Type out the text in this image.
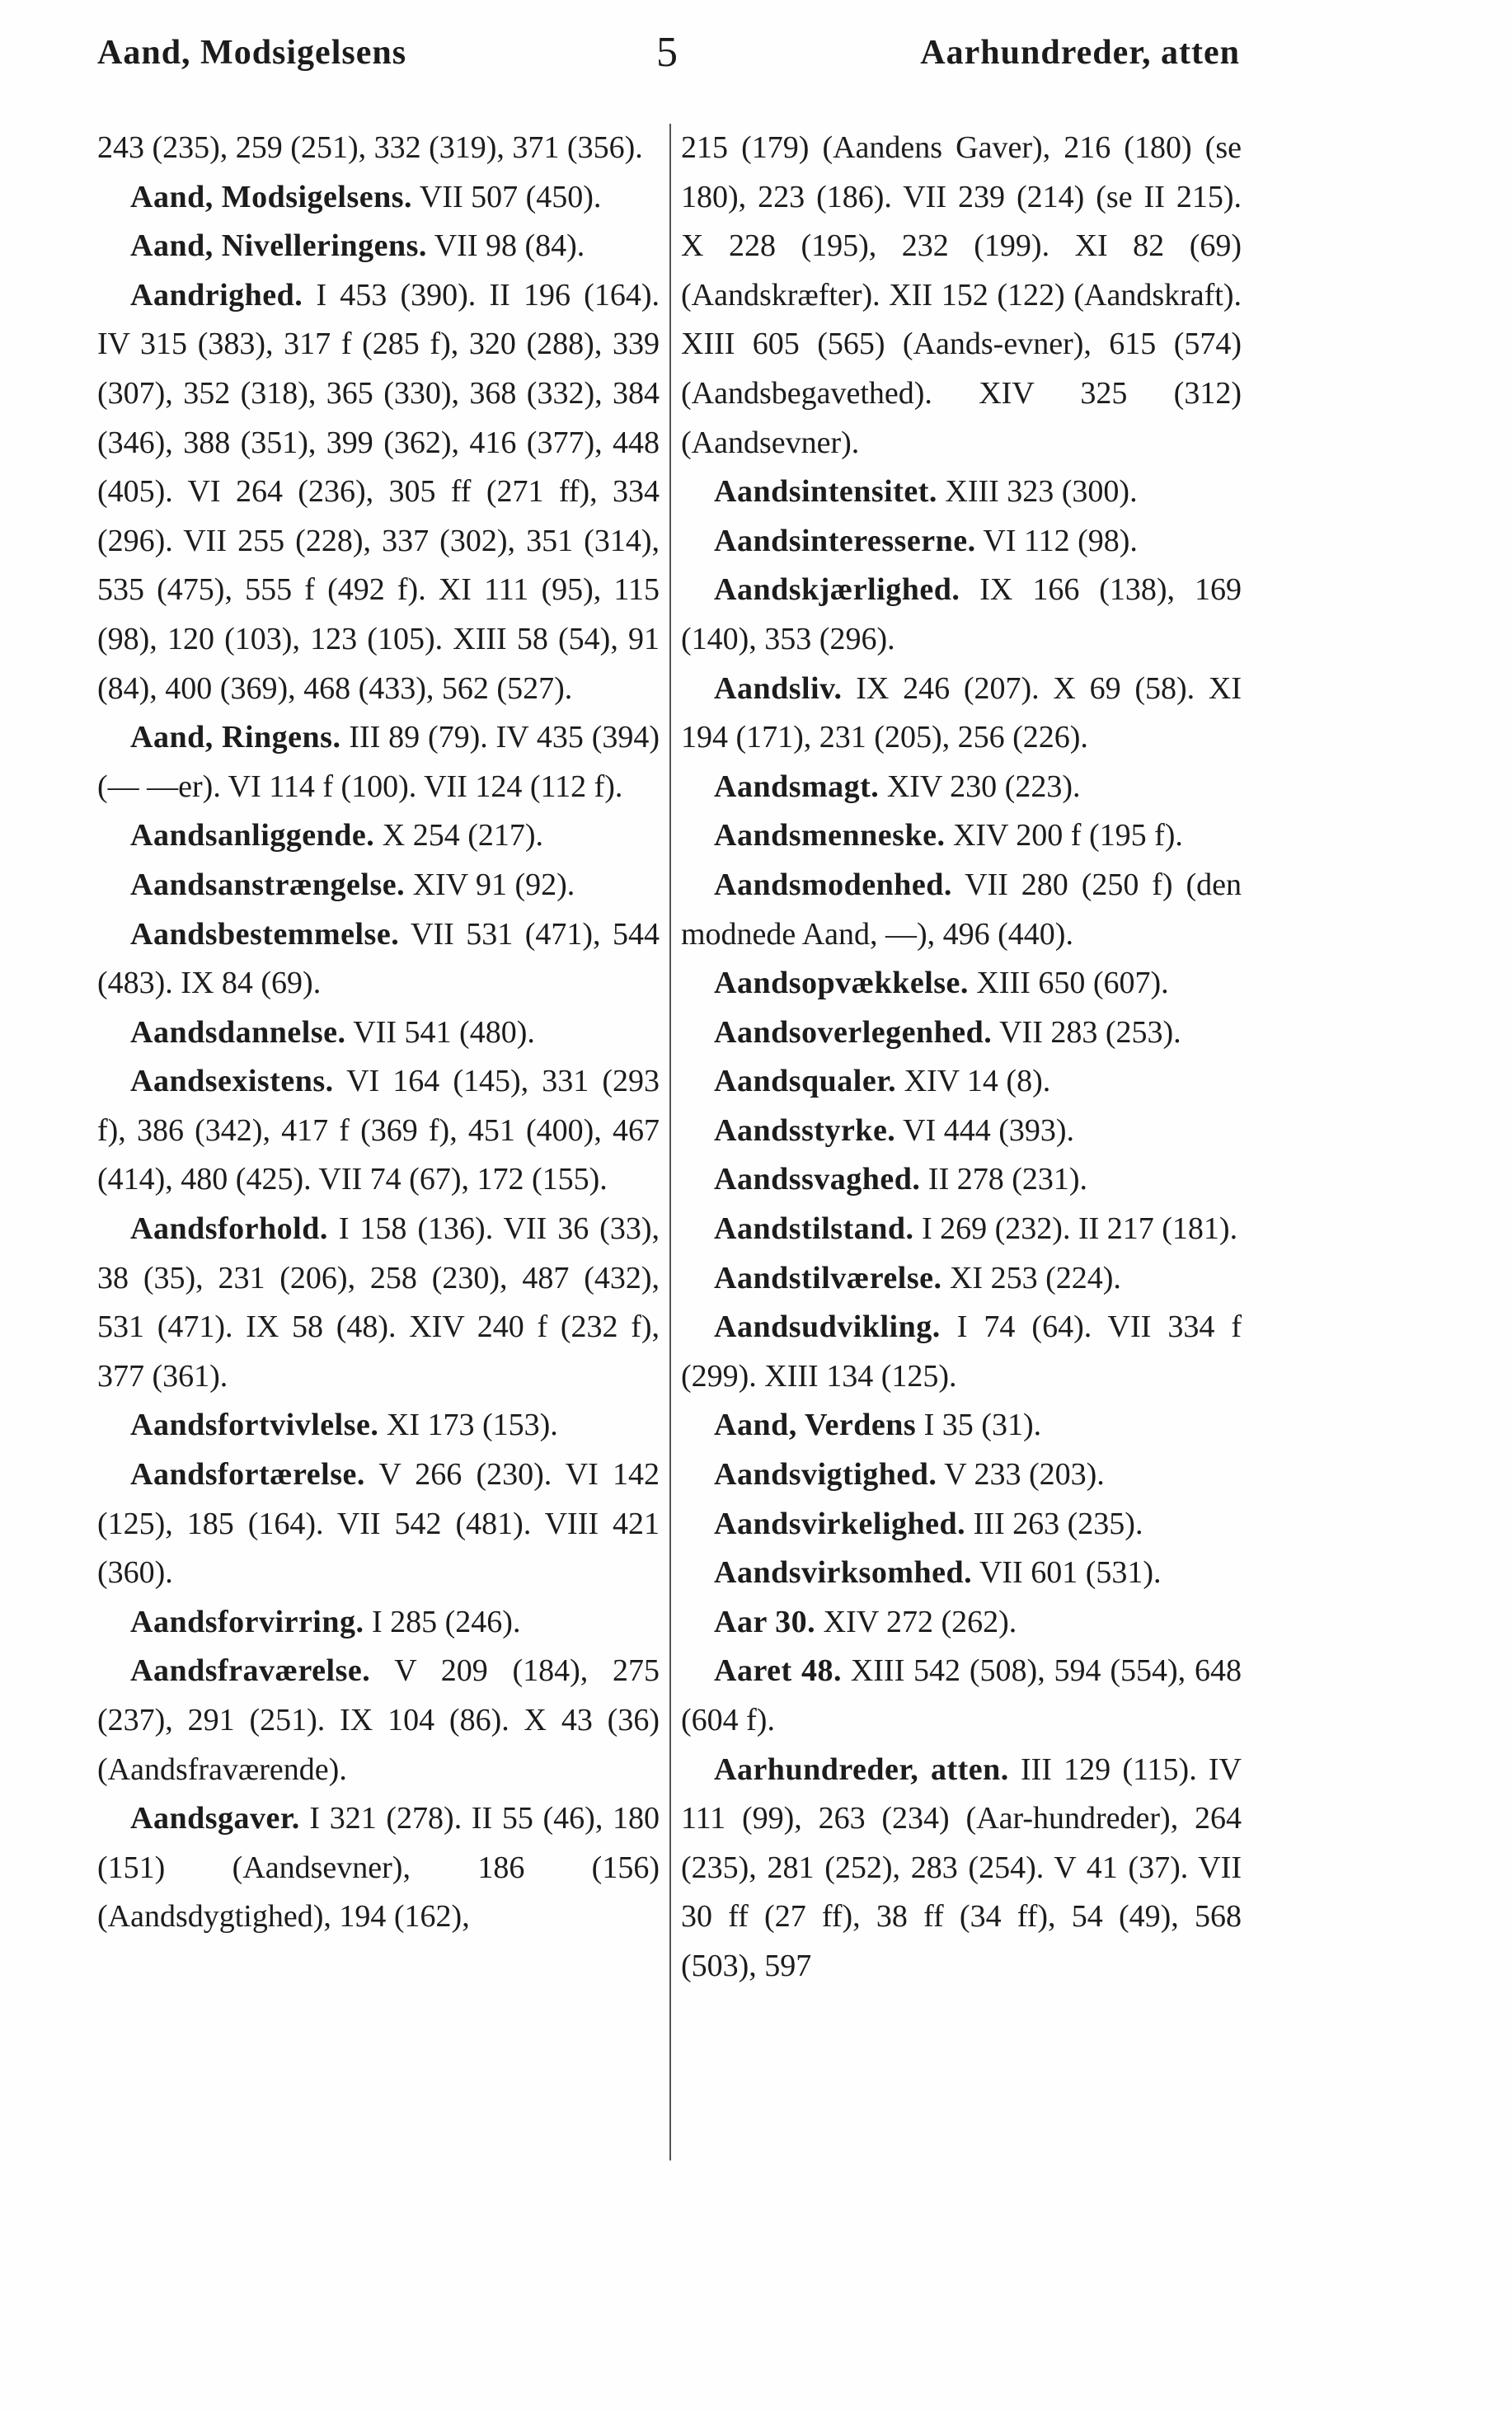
Aand, Modsigelsens	5	Aarhundreder, atten

243 (235), 259 (251), 332 (319), 371 (356).

Aand, Modsigelsens. VII 507 (450).

Aand, Nivelleringens. VII 98 (84).

Aandrighed. I 453 (390). II 196 (164). IV 315 (383), 317 f (285 f), 320 (288), 339 (307), 352 (318), 365 (330), 368 (332), 384 (346), 388 (351), 399 (362), 416 (377), 448 (405). VI 264 (236), 305 ff (271 ff), 334 (296). VII 255 (228), 337 (302), 351 (314), 535 (475), 555 f (492 f). XI 111 (95), 115 (98), 120 (103), 123 (105). XIII 58 (54), 91 (84), 400 (369), 468 (433), 562 (527).

Aand, Ringens. III 89 (79). IV 435 (394) (— —er). VI 114 f (100). VII 124 (112 f).

Aandsanliggende. X 254 (217).

Aandsanstrængelse. XIV 91 (92).

Aandsbestemmelse. VII 531 (471), 544 (483). IX 84 (69).

Aandsdannelse. VII 541 (480).

Aandsexistens. VI 164 (145), 331 (293 f), 386 (342), 417 f (369 f), 451 (400), 467 (414), 480 (425). VII 74 (67), 172 (155).

Aandsforhold. I 158 (136). VII 36 (33), 38 (35), 231 (206), 258 (230), 487 (432), 531 (471). IX 58 (48). XIV 240 f (232 f), 377 (361).

Aandsfortvivlelse. XI 173 (153).

Aandsfortærelse. V 266 (230). VI 142 (125), 185 (164). VII 542 (481). VIII 421 (360).

Aandsforvirring. I 285 (246).

Aandsfraværelse. V 209 (184), 275 (237), 291 (251). IX 104 (86). X 43 (36) (Aandsfraværende).

Aandsgaver. I 321 (278). II 55 (46), 180 (151) (Aandsevner), 186 (156) (Aandsdygtighed), 194 (162),

215 (179) (Aandens Gaver), 216 (180) (se 180), 223 (186). VII 239 (214) (se II 215). X 228 (195), 232 (199). XI 82 (69) (Aandskræfter). XII 152 (122) (Aandskraft). XIII 605 (565) (Aands-evner), 615 (574) (Aandsbegavethed). XIV 325 (312) (Aandsevner).

Aandsintensitet. XIII 323 (300).

Aandsinteresserne. VI 112 (98).

Aandskjærlighed. IX 166 (138), 169 (140), 353 (296).

Aandsliv. IX 246 (207). X 69 (58). XI 194 (171), 231 (205), 256 (226).

Aandsmagt. XIV 230 (223).

Aandsmenneske. XIV 200 f (195 f).

Aandsmodenhed. VII 280 (250 f) (den modnede Aand, —), 496 (440).

Aandsopvækkelse. XIII 650 (607).

Aandsoverlegenhed. VII 283 (253).

Aandsqualer. XIV 14 (8).

Aandsstyrke. VI 444 (393).

Aandssvaghed. II 278 (231).

Aandstilstand. I 269 (232). II 217 (181).

Aandstilværelse. XI 253 (224).

Aandsudvikling. I 74 (64). VII 334 f (299). XIII 134 (125).

Aand, Verdens I 35 (31).

Aandsvigtighed. V 233 (203).

Aandsvirkelighed. III 263 (235).

Aandsvirksomhed. VII 601 (531).

Aar 30. XIV 272 (262).

Aaret 48. XIII 542 (508), 594 (554), 648 (604 f).

Aarhundreder, atten. III 129 (115). IV 111 (99), 263 (234) (Aar-hundreder), 264 (235), 281 (252), 283 (254). V 41 (37). VII 30 ff (27 ff), 38 ff (34 ff), 54 (49), 568 (503), 597
